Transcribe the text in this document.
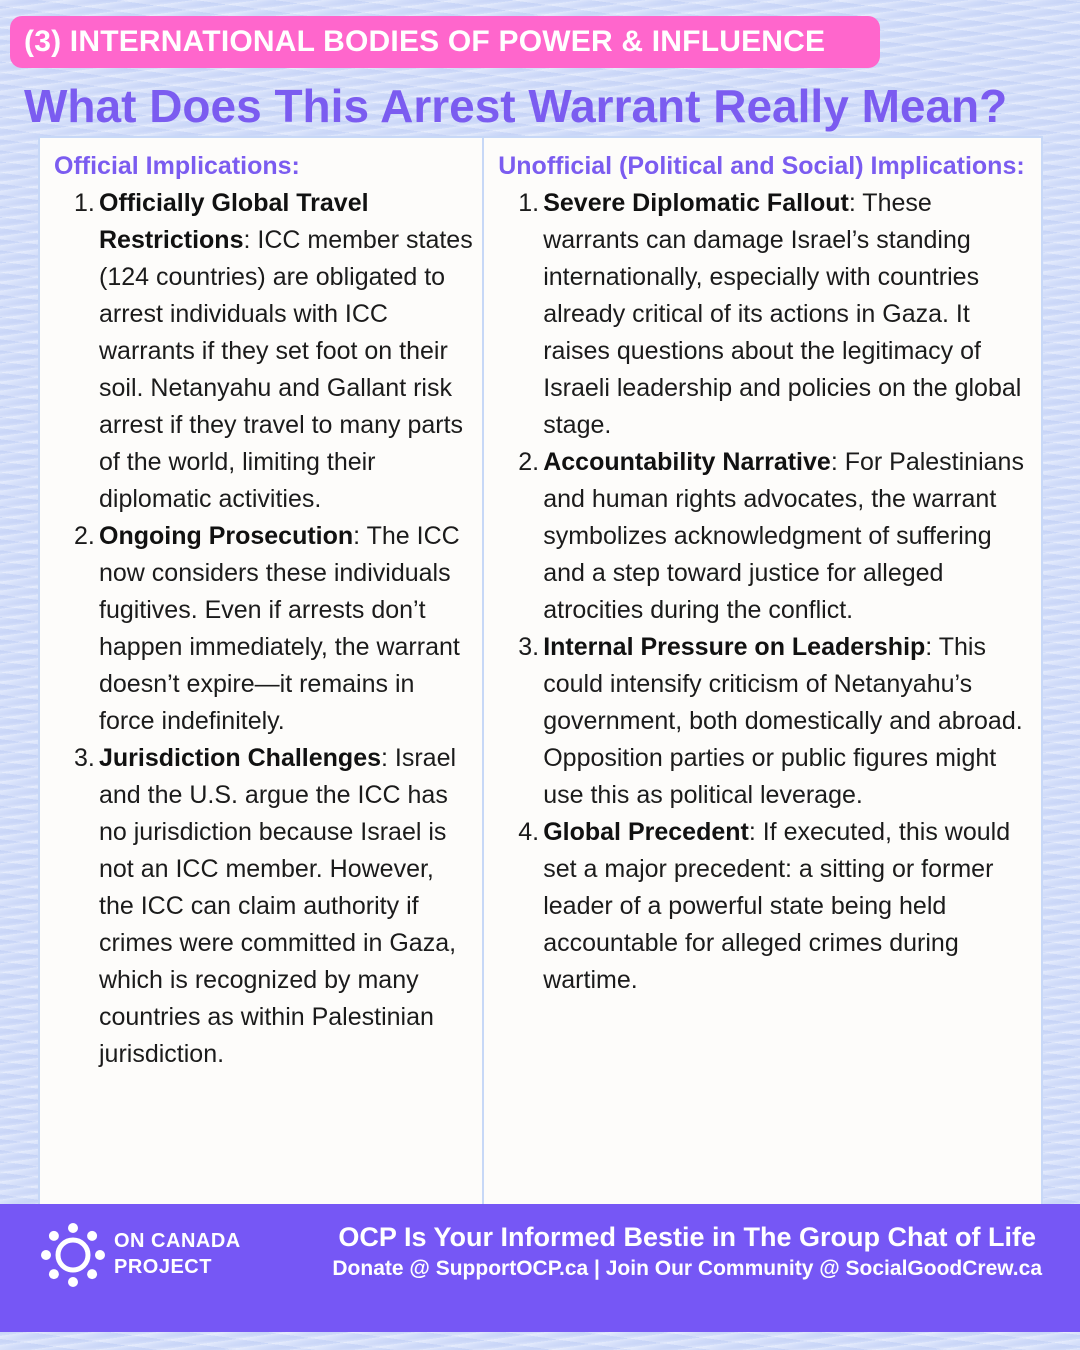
(3) INTERNATIONAL BODIES OF POWER & INFLUENCE
What Does This Arrest Warrant Really Mean?
Official Implications:
1. Officially Global Travel Restrictions: ICC member states (124 countries) are obligated to arrest individuals with ICC warrants if they set foot on their soil. Netanyahu and Gallant risk arrest if they travel to many parts of the world, limiting their diplomatic activities.
2. Ongoing Prosecution: The ICC now considers these individuals fugitives. Even if arrests don’t happen immediately, the warrant doesn’t expire—it remains in force indefinitely.
3. Jurisdiction Challenges: Israel and the U.S. argue the ICC has no jurisdiction because Israel is not an ICC member. However, the ICC can claim authority if crimes were committed in Gaza, which is recognized by many countries as within Palestinian jurisdiction.
Unofficial (Political and Social) Implications:
1. Severe Diplomatic Fallout: These warrants can damage Israel’s standing internationally, especially with countries already critical of its actions in Gaza. It raises questions about the legitimacy of Israeli leadership and policies on the global stage.
2. Accountability Narrative: For Palestinians and human rights advocates, the warrant symbolizes acknowledgment of suffering and a step toward justice for alleged atrocities during the conflict.
3. Internal Pressure on Leadership: This could intensify criticism of Netanyahu’s government, both domestically and abroad. Opposition parties or public figures might use this as political leverage.
4. Global Precedent: If executed, this would set a major precedent: a sitting or former leader of a powerful state being held accountable for alleged crimes during wartime.
ON CANADA
PROJECT
OCP Is Your Informed Bestie in The Group Chat of Life
Donate @ SupportOCP.ca | Join Our Community @ SocialGoodCrew.ca
